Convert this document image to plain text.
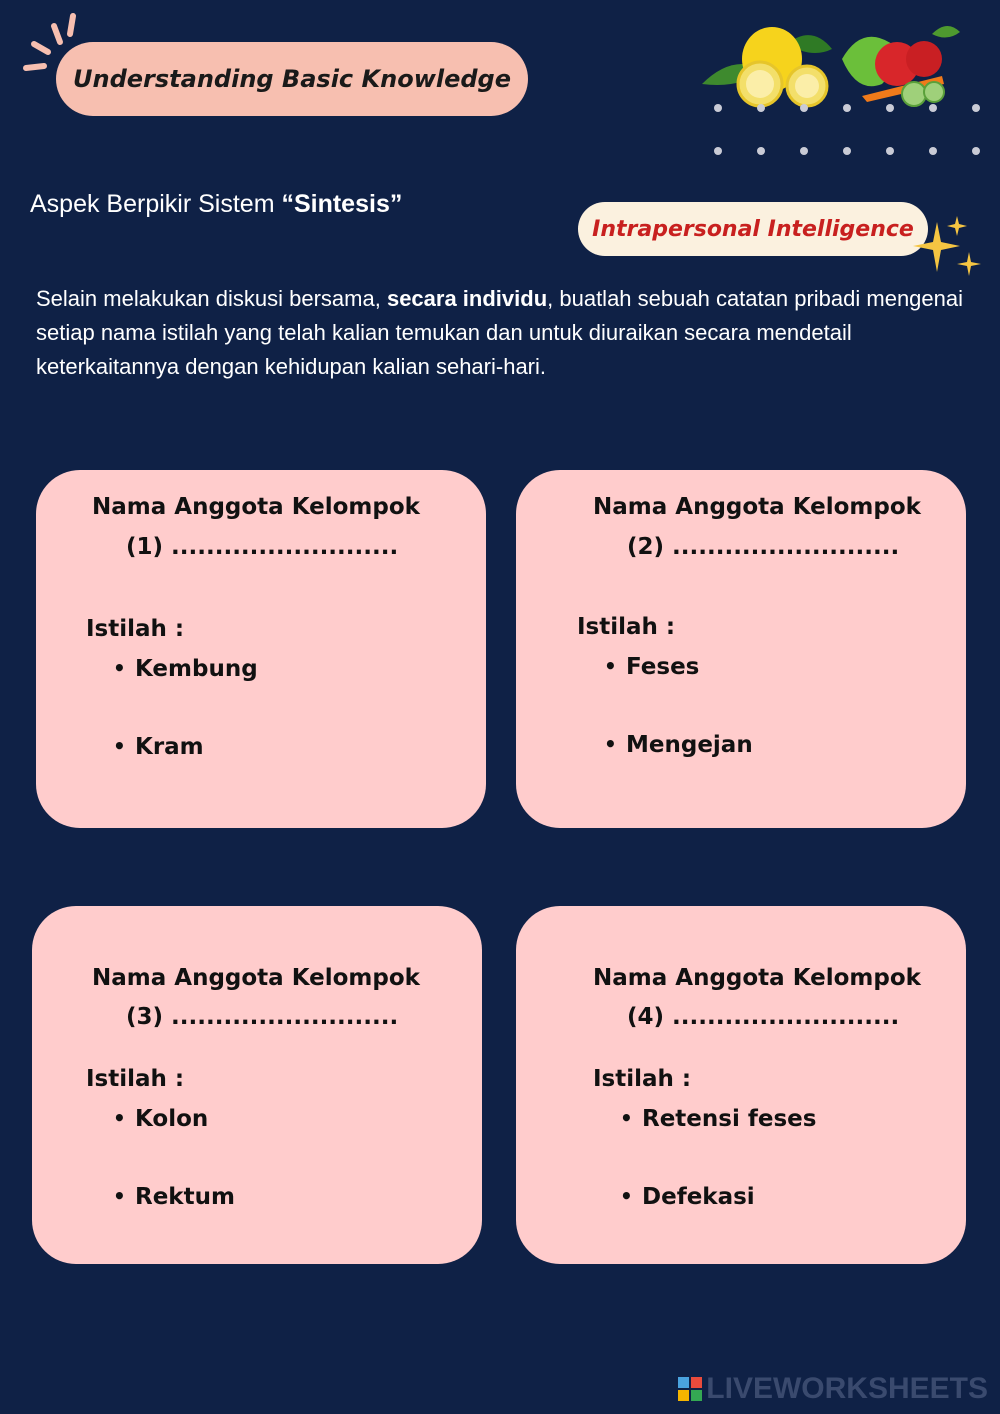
Understanding Basic Knowledge
Aspek Berpikir Sistem “Sintesis”
Intrapersonal Intelligence
Selain melakukan diskusi bersama, secara individu, buatlah sebuah catatan pribadi mengenai setiap nama istilah yang telah kalian temukan dan untuk diuraikan secara mendetail keterkaitannya dengan kehidupan kalian sehari-hari.
Nama Anggota Kelompok
(1) ..........................
Istilah :
• Kembung
• Kram
Nama Anggota Kelompok
(2) ..........................
Istilah :
• Feses
• Mengejan
Nama Anggota Kelompok
(3) ..........................
Istilah :
• Kolon
• Rektum
Nama Anggota Kelompok
(4) ..........................
Istilah :
• Retensi feses
• Defekasi
LIVEWORKSHEETS
